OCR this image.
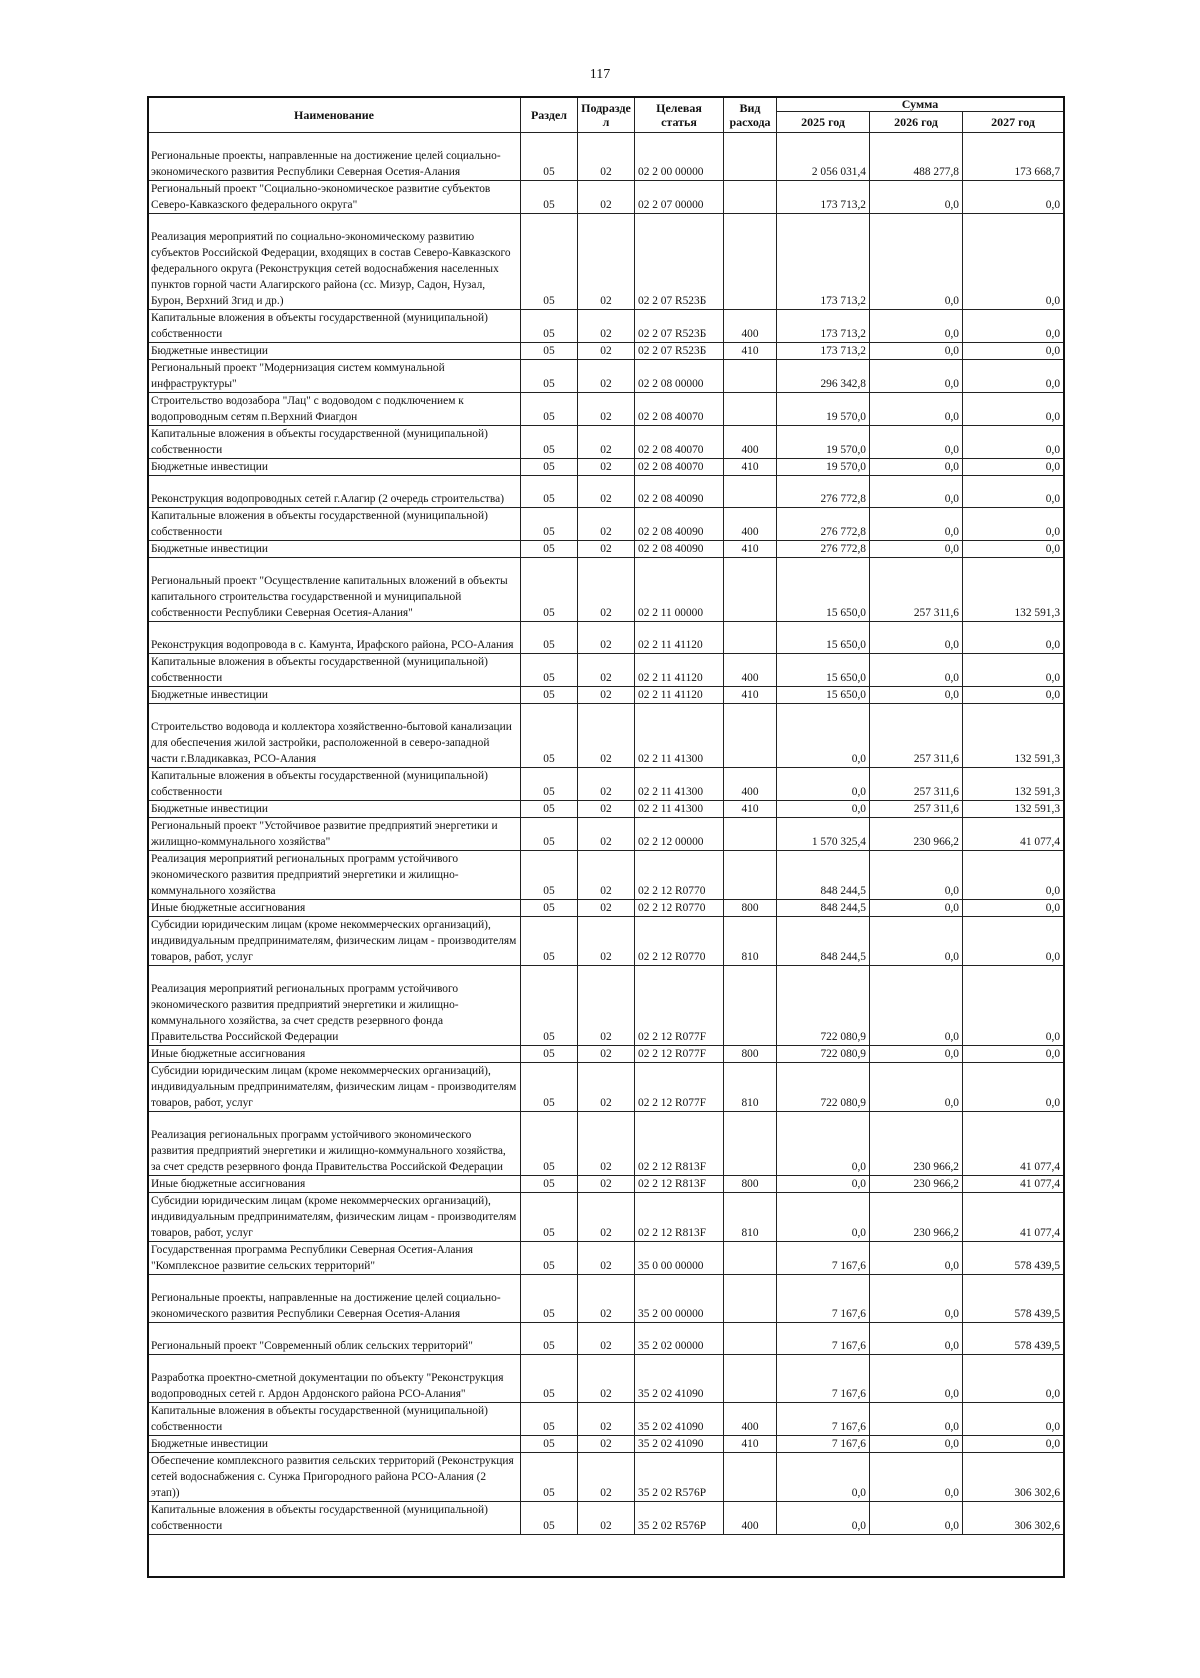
117
Наименование	Раздел	Подразде л	Целевая статья	Вид расхода	Сумма		
					2025 год	2026 год	2027 год
Региональные проекты, направленные на достижение целей социально-экономического развития Республики Северная Осетия-Алания	05	02	02 2 00 00000		2 056 031,4	488 277,8	173 668,7
Региональный проект "Социально-экономическое развитие субъектов Северо-Кавказского федерального округа"	05	02	02 2 07 00000		173 713,2	0,0	0,0
Реализация мероприятий по социально-экономическому развитию субъектов Российской Федерации, входящих в состав Северо-Кавказского федерального округа (Реконструкция сетей водоснабжения населенных пунктов горной части Алагирского района (сс. Мизур, Садон, Нузал, Бурон, Верхний Згид и др.)	05	02	02 2 07 R523Б		173 713,2	0,0	0,0
Капитальные вложения в объекты государственной (муниципальной) собственности	05	02	02 2 07 R523Б	400	173 713,2	0,0	0,0
Бюджетные инвестиции	05	02	02 2 07 R523Б	410	173 713,2	0,0	0,0
Региональный проект "Модернизация систем коммунальной инфраструктуры"	05	02	02 2 08 00000		296 342,8	0,0	0,0
Строительство водозабора "Лац" с водоводом с подключением к водопроводным сетям п.Верхний Фиагдон	05	02	02 2 08 40070		19 570,0	0,0	0,0
Капитальные вложения в объекты государственной (муниципальной) собственности	05	02	02 2 08 40070	400	19 570,0	0,0	0,0
Бюджетные инвестиции	05	02	02 2 08 40070	410	19 570,0	0,0	0,0
Реконструкция водопроводных сетей г.Алагир (2 очередь строительства)	05	02	02 2 08 40090		276 772,8	0,0	0,0
Капитальные вложения в объекты государственной (муниципальной) собственности	05	02	02 2 08 40090	400	276 772,8	0,0	0,0
Бюджетные инвестиции	05	02	02 2 08 40090	410	276 772,8	0,0	0,0
Региональный проект "Осуществление капитальных вложений в объекты капитального строительства государственной и муниципальной собственности Республики Северная Осетия-Алания"	05	02	02 2 11 00000		15 650,0	257 311,6	132 591,3
Реконструкция водопровода в с. Камунта, Ирафского района, РСО-Алания	05	02	02 2 11 41120		15 650,0	0,0	0,0
Капитальные вложения в объекты государственной (муниципальной) собственности	05	02	02 2 11 41120	400	15 650,0	0,0	0,0
Бюджетные инвестиции	05	02	02 2 11 41120	410	15 650,0	0,0	0,0
Строительство водовода и коллектора хозяйственно-бытовой канализации для обеспечения жилой застройки, расположенной в северо-западной части г.Владикавказ, РСО-Алания	05	02	02 2 11 41300		0,0	257 311,6	132 591,3
Капитальные вложения в объекты государственной (муниципальной) собственности	05	02	02 2 11 41300	400	0,0	257 311,6	132 591,3
Бюджетные инвестиции	05	02	02 2 11 41300	410	0,0	257 311,6	132 591,3
Региональный проект "Устойчивое развитие предприятий энергетики и жилищно-коммунального хозяйства"	05	02	02 2 12 00000		1 570 325,4	230 966,2	41 077,4
Реализация мероприятий региональных программ устойчивого экономического развития предприятий энергетики и жилищно-коммунального хозяйства	05	02	02 2 12 R0770		848 244,5	0,0	0,0
Иные бюджетные ассигнования	05	02	02 2 12 R0770	800	848 244,5	0,0	0,0
Субсидии юридическим лицам (кроме некоммерческих организаций), индивидуальным предпринимателям, физическим лицам - производителям товаров, работ, услуг	05	02	02 2 12 R0770	810	848 244,5	0,0	0,0
Реализация мероприятий региональных программ устойчивого экономического развития предприятий энергетики и жилищно-коммунального хозяйства, за счет средств резервного фонда Правительства Российской Федерации	05	02	02 2 12 R077F		722 080,9	0,0	0,0
Иные бюджетные ассигнования	05	02	02 2 12 R077F	800	722 080,9	0,0	0,0
Субсидии юридическим лицам (кроме некоммерческих организаций), индивидуальным предпринимателям, физическим лицам - производителям товаров, работ, услуг	05	02	02 2 12 R077F	810	722 080,9	0,0	0,0
Реализация региональных программ устойчивого экономического развития предприятий энергетики и жилищно-коммунального хозяйства, за счет средств резервного фонда Правительства Российской Федерации	05	02	02 2 12 R813F		0,0	230 966,2	41 077,4
Иные бюджетные ассигнования	05	02	02 2 12 R813F	800	0,0	230 966,2	41 077,4
Субсидии юридическим лицам (кроме некоммерческих организаций), индивидуальным предпринимателям, физическим лицам - производителям товаров, работ, услуг	05	02	02 2 12 R813F	810	0,0	230 966,2	41 077,4
Государственная программа Республики Северная Осетия-Алания "Комплексное развитие сельских территорий"	05	02	35 0 00 00000		7 167,6	0,0	578 439,5
Региональные проекты, направленные на достижение целей социально-экономического развития Республики Северная Осетия-Алания	05	02	35 2 00 00000		7 167,6	0,0	578 439,5
Региональный проект "Современный облик сельских территорий"	05	02	35 2 02 00000		7 167,6	0,0	578 439,5
Разработка проектно-сметной документации по объекту "Реконструкция водопроводных сетей г. Ардон Ардонского района РСО-Алания"	05	02	35 2 02 41090		7 167,6	0,0	0,0
Капитальные вложения в объекты государственной (муниципальной) собственности	05	02	35 2 02 41090	400	7 167,6	0,0	0,0
Бюджетные инвестиции	05	02	35 2 02 41090	410	7 167,6	0,0	0,0
Обеспечение комплексного развития сельских территорий (Реконструкция сетей водоснабжения с. Сунжа Пригородного района РСО-Алания (2 этап))	05	02	35 2 02 R576P		0,0	0,0	306 302,6
Капитальные вложения в объекты государственной (муниципальной) собственности	05	02	35 2 02 R576P	400	0,0	0,0	306 302,6
